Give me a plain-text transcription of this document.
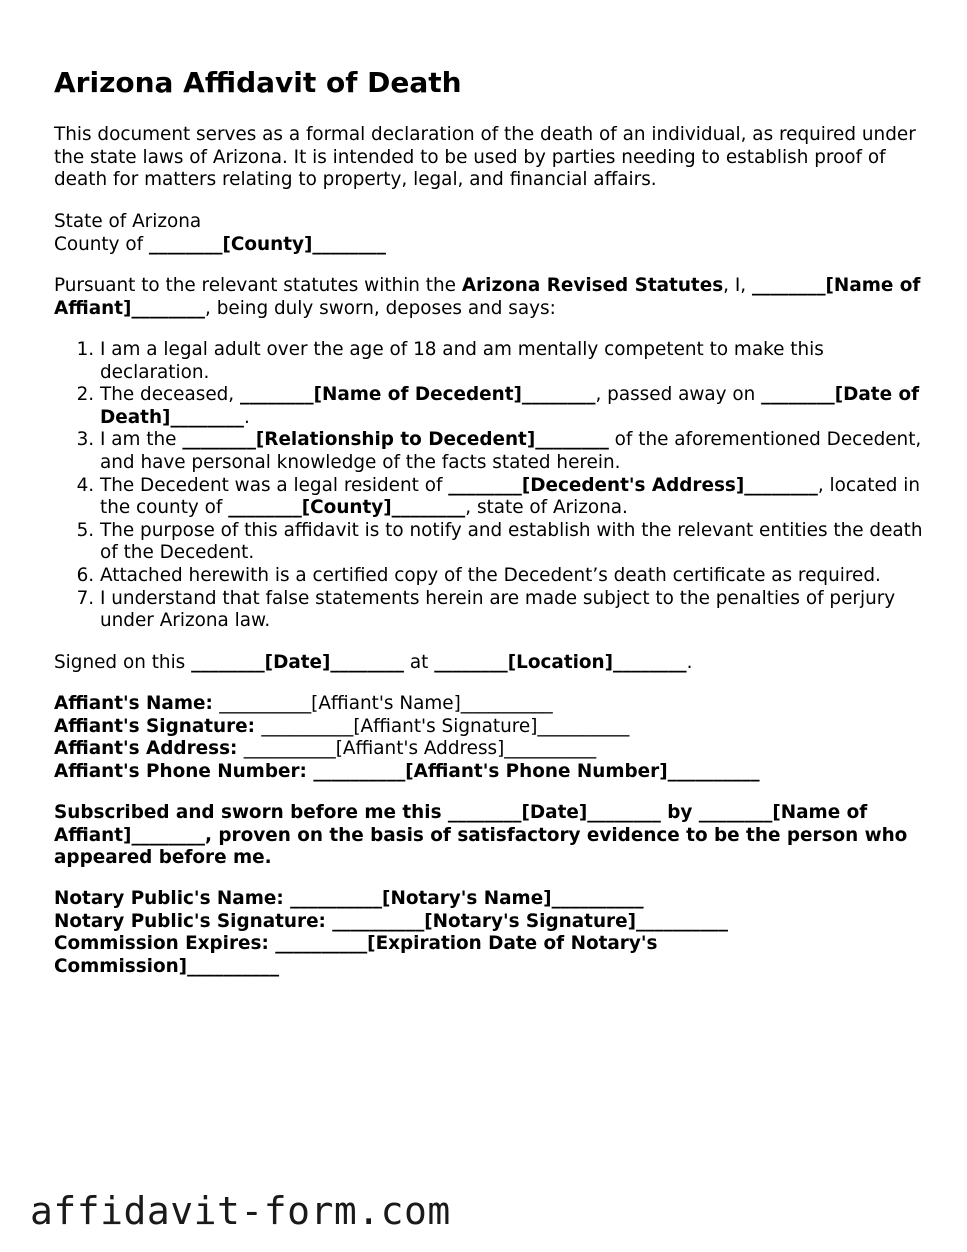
Arizona Affidavit of Death

This document serves as a formal declaration of the death of an individual, as required under the state laws of Arizona. It is intended to be used by parties needing to establish proof of death for matters relating to property, legal, and financial affairs.

State of Arizona
County of ________[County]________

Pursuant to the relevant statutes within the Arizona Revised Statutes, I, ________[Name of Affiant]________, being duly sworn, deposes and says:

1. I am a legal adult over the age of 18 and am mentally competent to make this declaration.
2. The deceased, ________[Name of Decedent]________, passed away on ________[Date of Death]________.
3. I am the ________[Relationship to Decedent]________ of the aforementioned Decedent, and have personal knowledge of the facts stated herein.
4. The Decedent was a legal resident of ________[Decedent's Address]________, located in the county of ________[County]________, state of Arizona.
5. The purpose of this affidavit is to notify and establish with the relevant entities the death of the Decedent.
6. Attached herewith is a certified copy of the Decedent’s death certificate as required.
7. I understand that false statements herein are made subject to the penalties of perjury under Arizona law.

Signed on this ________[Date]________ at ________[Location]________.

Affiant's Name: __________[Affiant's Name]__________
Affiant's Signature: __________[Affiant's Signature]__________
Affiant's Address: __________[Affiant's Address]__________
Affiant's Phone Number: __________[Affiant's Phone Number]__________

Subscribed and sworn before me this ________[Date]________ by ________[Name of Affiant]________, proven on the basis of satisfactory evidence to be the person who appeared before me.

Notary Public's Name: __________[Notary's Name]__________
Notary Public's Signature: __________[Notary's Signature]__________
Commission Expires: __________[Expiration Date of Notary's Commission]__________
affidavit-form.com
